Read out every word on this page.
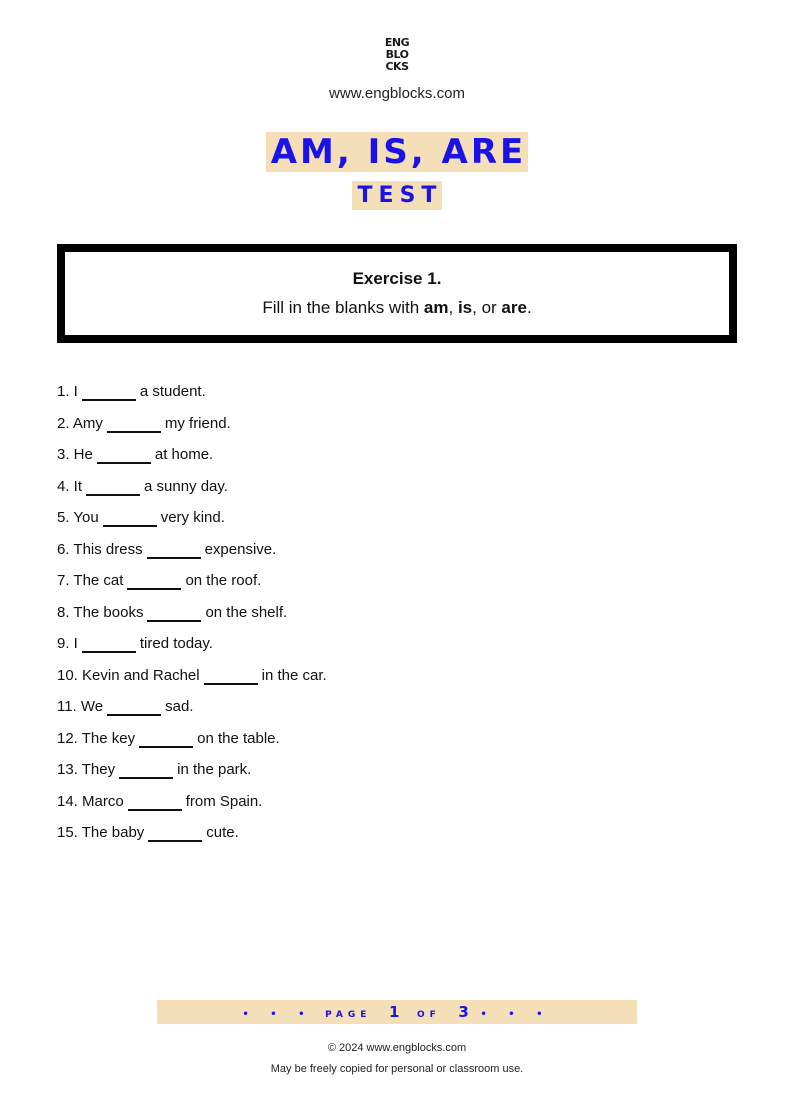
ENG
BLO
CKS
www.engblocks.com
AM, IS, ARE
TEST
Exercise 1.
Fill in the blanks with am, is, or are.
1. I	a student.
2. Amy	my friend.
3. He	at home.
4. It	a sunny day.
5. You	very kind.
6. This dress	expensive.
7. The cat	on the roof.
8. The books	on the shelf.
9. I	tired today.
10. Kevin and Rachel	in the car.
11. We	sad.
12. The key	on the table.
13. They	in the park.
14. Marco	from Spain.
15. The baby	cute.
• • • PAGE 1 OF 3 • • •
© 2024 www.engblocks.com
May be freely copied for personal or classroom use.
